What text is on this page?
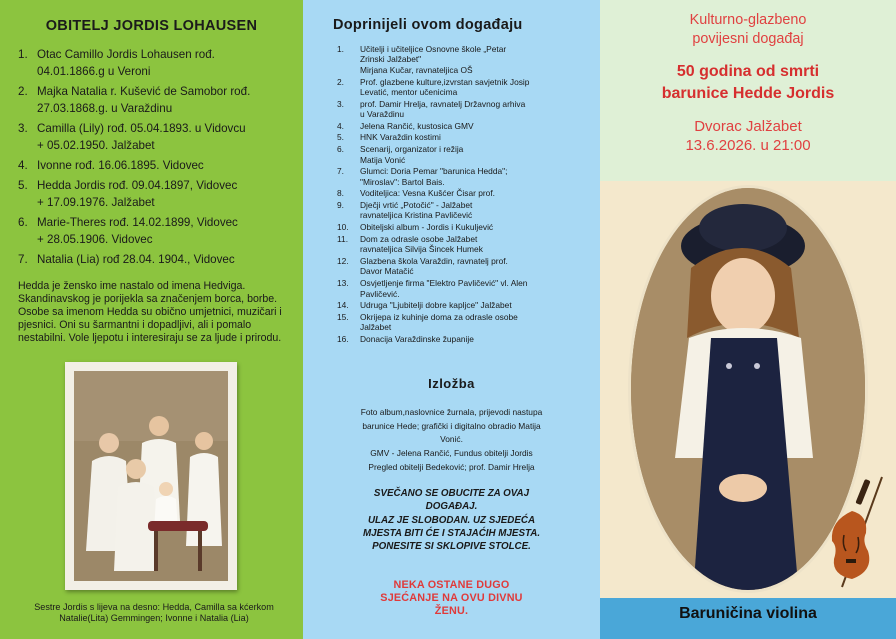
OBITELJ JORDIS LOHAUSEN
1. Otac Camillo Jordis Lohausen rođ.
04.01.1866.g u Veroni
2. Majka Natalia r. Kušević de Samobor rođ.
27.03.1868.g. u Varaždinu
3. Camilla (Lily) rođ. 05.04.1893. u Vidovcu
+ 05.02.1950. Jalžabet
4. Ivonne rođ. 16.06.1895. Vidovec
5. Hedda Jordis rođ. 09.04.1897, Vidovec
+ 17.09.1976. Jalžabet
6. Marie-Theres rođ. 14.02.1899, Vidovec
+ 28.05.1906. Vidovec
7. Natalia (Lia) rođ 28.04. 1904., Vidovec

Hedda je žensko ime nastalo od imena Hedviga. Skandinavskog je porijekla sa značenjem borca, borbe.

Osobe sa imenom Hedda su obično umjetnici, muzičari i pjesnici. Oni su šarmantni i dopadljivi, ali i pomalo nestabilni. Vole ljepotu i interesiraju se za ljude i prirodu.

Sestre Jordis s lijeva na desno: Hedda, Camilla sa kćerkom Natalie(Lita) Gemmingen; Ivonne i Natalia (Lia)
Doprinijeli ovom događaju
1.	Učitelji i učiteljice Osnovne škole „Petar
Zrinski Jalžabet"
Mirjana Kučar, ravnateljica OŠ
2.	Prof. glazbene kulture,izvrstan savjetnik Josip
Levatić, mentor učenicima
3.	prof. Damir Hrelja, ravnatelj Državnog arhiva
u Varaždinu
4.	Jelena Rančić, kustosica GMV
5.	HNK Varaždin kostimi
6.	Scenarij, organizator i režija
Matija Vonić
7.	Glumci: Doria Pemar "barunica Hedda";
"Miroslav": Bartol Bais.
8.	Voditeljica: Vesna Kušćer Čisar prof.
9.	Dječji vrtić „Potočić" - Jalžabet
ravnateljica Kristina Pavličević
10.	Obiteljski album - Jordis i Kukuljević
11.	Dom za odrasle osobe Jalžabet
ravnateljica Silvija Šincek Humek
12.	Glazbena škola Varaždin, ravnatelj prof.
Davor Matačić
13.	Osvjetljenje firma "Elektro Pavličević" vl. Alen
Pavličević.
14.	Udruga "Ljubitelji dobre kapljce" Jalžabet
15.	Okrijepa iz kuhinje doma za odrasle osobe
Jalžabet
16.	Donacija Varaždinske županije
Izložba
Foto album,naslovnice žurnala, prijevodi nastupa
barunice Hede; grafički i digitalno obradio Matija
Vonić.
GMV - Jelena Rančić, Fundus obitelji Jordis
Pregled obitelji Bedeković; prof. Damir Hrelja
SVEČANO SE OBUCITE ZA OVAJ
DOGAĐAJ.
ULAZ JE SLOBODAN. UZ SJEDEĆA
MJESTA BITI ĆE I STAJAĆIH MJESTA.
PONESITE SI SKLOPIVE STOLCE.
NEKA OSTANE DUGO
SJEĆANJE NA OVU DIVNU
ŽENU.
Kulturno-glazbeno
povijesni događaj
50 godina od smrti
barunice Hedde Jordis
Dvorac Jalžabet
13.6.2026. u 21:00
Baruničina violina
